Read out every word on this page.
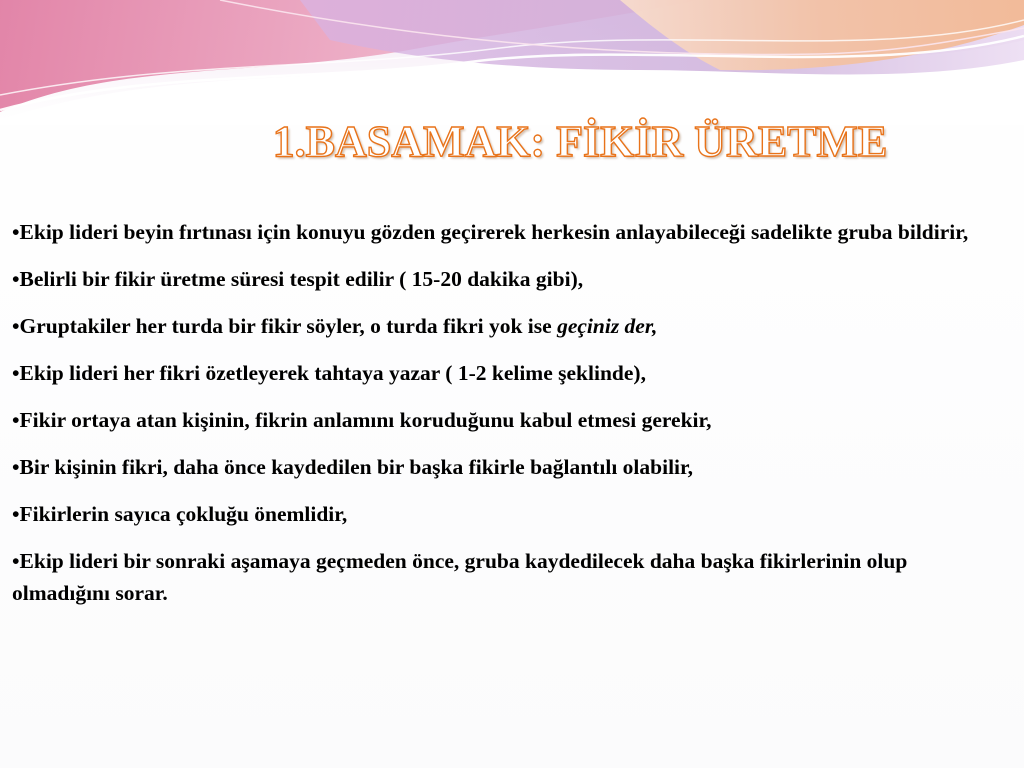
1.BASAMAK: FİKİR ÜRETME

•Ekip lideri beyin fırtınası için konuyu gözden geçirerek herkesin anlayabileceği sadelikte gruba bildirir,

•Belirli bir fikir üretme süresi tespit edilir ( 15-20 dakika gibi),

•Gruptakiler her turda bir fikir söyler, o turda fikri yok ise geçiniz der,

•Ekip lideri her fikri özetleyerek tahtaya yazar ( 1-2 kelime şeklinde),

•Fikir ortaya atan kişinin, fikrin anlamını koruduğunu kabul etmesi gerekir,

•Bir kişinin fikri, daha önce kaydedilen bir başka fikirle bağlantılı olabilir,

•Fikirlerin sayıca çokluğu önemlidir,

•Ekip lideri bir sonraki aşamaya geçmeden önce, gruba kaydedilecek daha başka fikirlerinin olup olmadığını sorar.
